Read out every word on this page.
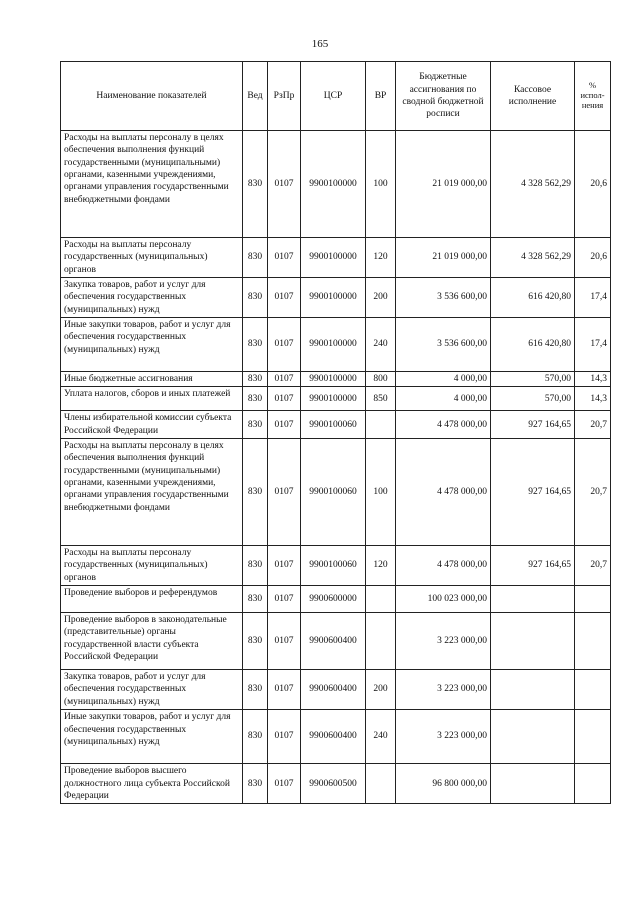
165
Наименование показателей	Вед	РзПр	ЦСР	ВР	Бюджетные ассигнования по сводной бюджетной росписи	Кассовое исполнение	% испол-нения
Расходы на выплаты персоналу в целях обеспечения выполнения функций государственными (муниципальными) органами, казенными учреждениями, органами управления государственными внебюджетными фондами	830	0107	9900100000	100	21 019 000,00	4 328 562,29	20,6
Расходы на выплаты персоналу государственных (муниципальных) органов	830	0107	9900100000	120	21 019 000,00	4 328 562,29	20,6
Закупка товаров, работ и услуг для обеспечения государственных (муниципальных) нужд	830	0107	9900100000	200	3 536 600,00	616 420,80	17,4
Иные закупки товаров, работ и услуг для обеспечения государственных (муниципальных) нужд	830	0107	9900100000	240	3 536 600,00	616 420,80	17,4
Иные бюджетные ассигнования	830	0107	9900100000	800	4 000,00	570,00	14,3
Уплата налогов, сборов и иных платежей	830	0107	9900100000	850	4 000,00	570,00	14,3
Члены избирательной комиссии субъекта Российской Федерации	830	0107	9900100060		4 478 000,00	927 164,65	20,7
Расходы на выплаты персоналу в целях обеспечения выполнения функций государственными (муниципальными) органами, казенными учреждениями, органами управления государственными внебюджетными фондами	830	0107	9900100060	100	4 478 000,00	927 164,65	20,7
Расходы на выплаты персоналу государственных (муниципальных) органов	830	0107	9900100060	120	4 478 000,00	927 164,65	20,7
Проведение выборов и референдумов	830	0107	9900600000		100 023 000,00		
Проведение выборов в законодательные (представительные) органы государственной власти субъекта Российской Федерации	830	0107	9900600400		3 223 000,00		
Закупка товаров, работ и услуг для обеспечения государственных (муниципальных) нужд	830	0107	9900600400	200	3 223 000,00		
Иные закупки товаров, работ и услуг для обеспечения государственных (муниципальных) нужд	830	0107	9900600400	240	3 223 000,00		
Проведение выборов высшего должностного лица субъекта Российской Федерации	830	0107	9900600500		96 800 000,00		
